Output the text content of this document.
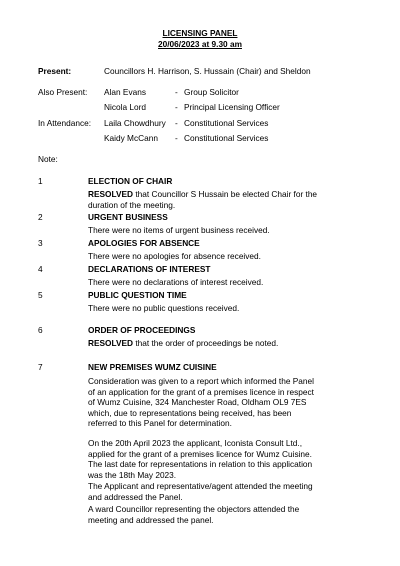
LICENSING PANEL
20/06/2023 at 9.30 am
Present:	Councillors H. Harrison, S. Hussain (Chair) and Sheldon
Also Present: Alan Evans	- Group Solicitor
Nicola Lord	- Principal Licensing Officer
In Attendance: Laila Chowdhury - Constitutional Services
Kaidy McCann - Constitutional Services
Note:
1	ELECTION OF CHAIR
RESOLVED that Councillor S Hussain be elected Chair for the duration of the meeting.
2	URGENT BUSINESS
There were no items of urgent business received.
3	APOLOGIES FOR ABSENCE
There were no apologies for absence received.
4	DECLARATIONS OF INTEREST
There were no declarations of interest received.
5	PUBLIC QUESTION TIME
There were no public questions received.
6	ORDER OF PROCEEDINGS
RESOLVED that the order of proceedings be noted.
7	NEW PREMISES WUMZ CUISINE
Consideration was given to a report which informed the Panel of an application for the grant of a premises licence in respect of Wumz Cuisine, 324 Manchester Road, Oldham OL9 7ES which, due to representations being received, has been referred to this Panel for determination.
On the 20th April 2023 the applicant, Iconista Consult Ltd., applied for the grant of a premises licence for Wumz Cuisine. The last date for representations in relation to this application was the 18th May 2023.
The Applicant and representative/agent attended the meeting and addressed the Panel.
A ward Councillor representing the objectors attended the meeting and addressed the panel.
